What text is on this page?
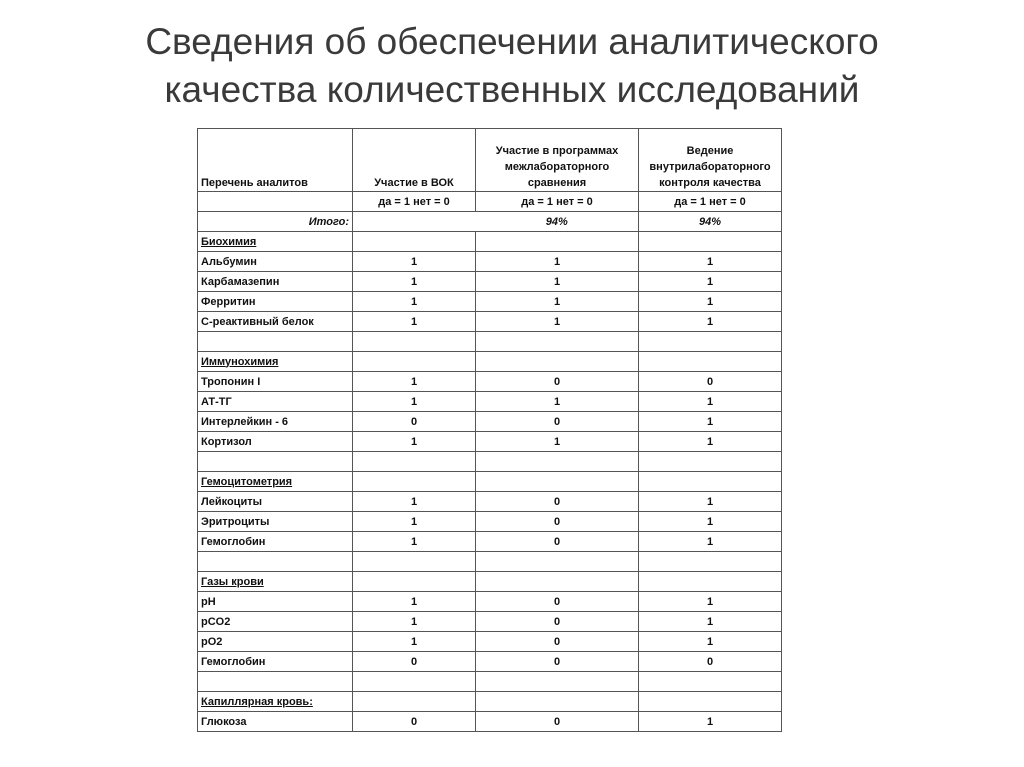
Сведения об обеспечении аналитического
качества количественных исследований
Перечень аналитов	Участие в ВОК	Участие в программах межлабораторного сравнения	Ведение внутрилабораторного контроля качества
	да = 1 нет = 0	да = 1 нет = 0	да = 1 нет = 0
Итого:		94%	94%
Биохимия			
Альбумин	1	1	1
Карбамазепин	1	1	1
Ферритин	1	1	1
С-реактивный белок	1	1	1

Иммунохимия			
Тропонин I	1	0	0
АТ-ТГ	1	1	1
Интерлейкин - 6	0	0	1
Кортизол	1	1	1

Гемоцитометрия			
Лейкоциты	1	0	1
Эритроциты	1	0	1
Гемоглобин	1	0	1

Газы крови			
pH	1	0	1
pCO2	1	0	1
pO2	1	0	1
Гемоглобин	0	0	0

Капиллярная кровь:			
Глюкоза	0	0	1
